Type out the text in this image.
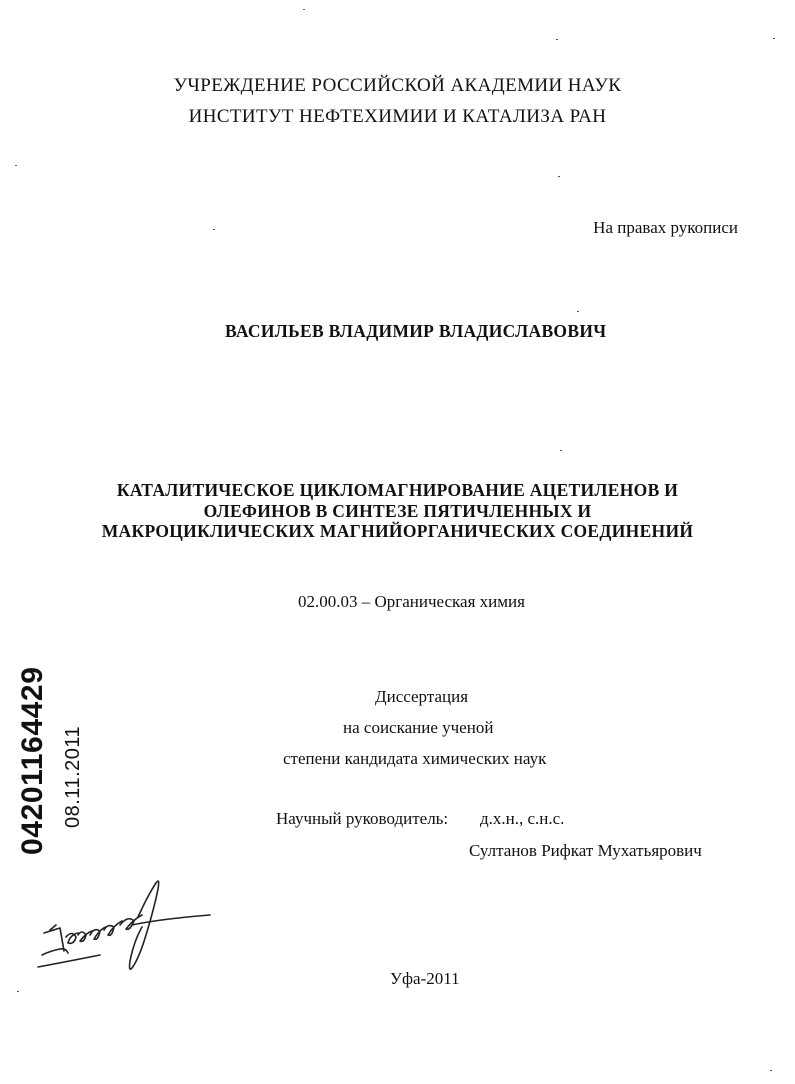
УЧРЕЖДЕНИЕ РОССИЙСКОЙ АКАДЕМИИ НАУК
ИНСТИТУТ НЕФТЕХИМИИ И КАТАЛИЗА РАН
На правах рукописи
ВАСИЛЬЕВ ВЛАДИМИР ВЛАДИСЛАВОВИЧ
КАТАЛИТИЧЕСКОЕ ЦИКЛОМАГНИРОВАНИЕ АЦЕТИЛЕНОВ И
ОЛЕФИНОВ В СИНТЕЗЕ ПЯТИЧЛЕННЫХ И
МАКРОЦИКЛИЧЕСКИХ МАГНИЙОРГАНИЧЕСКИХ СОЕДИНЕНИЙ
02.00.03 – Органическая химия
Диссертация
на соискание ученой
степени кандидата химических наук
Научный руководитель: д.х.н., с.н.с.
Султанов Рифкат Мухатьярович
Уфа-2011
04201164429 08.11.2011
